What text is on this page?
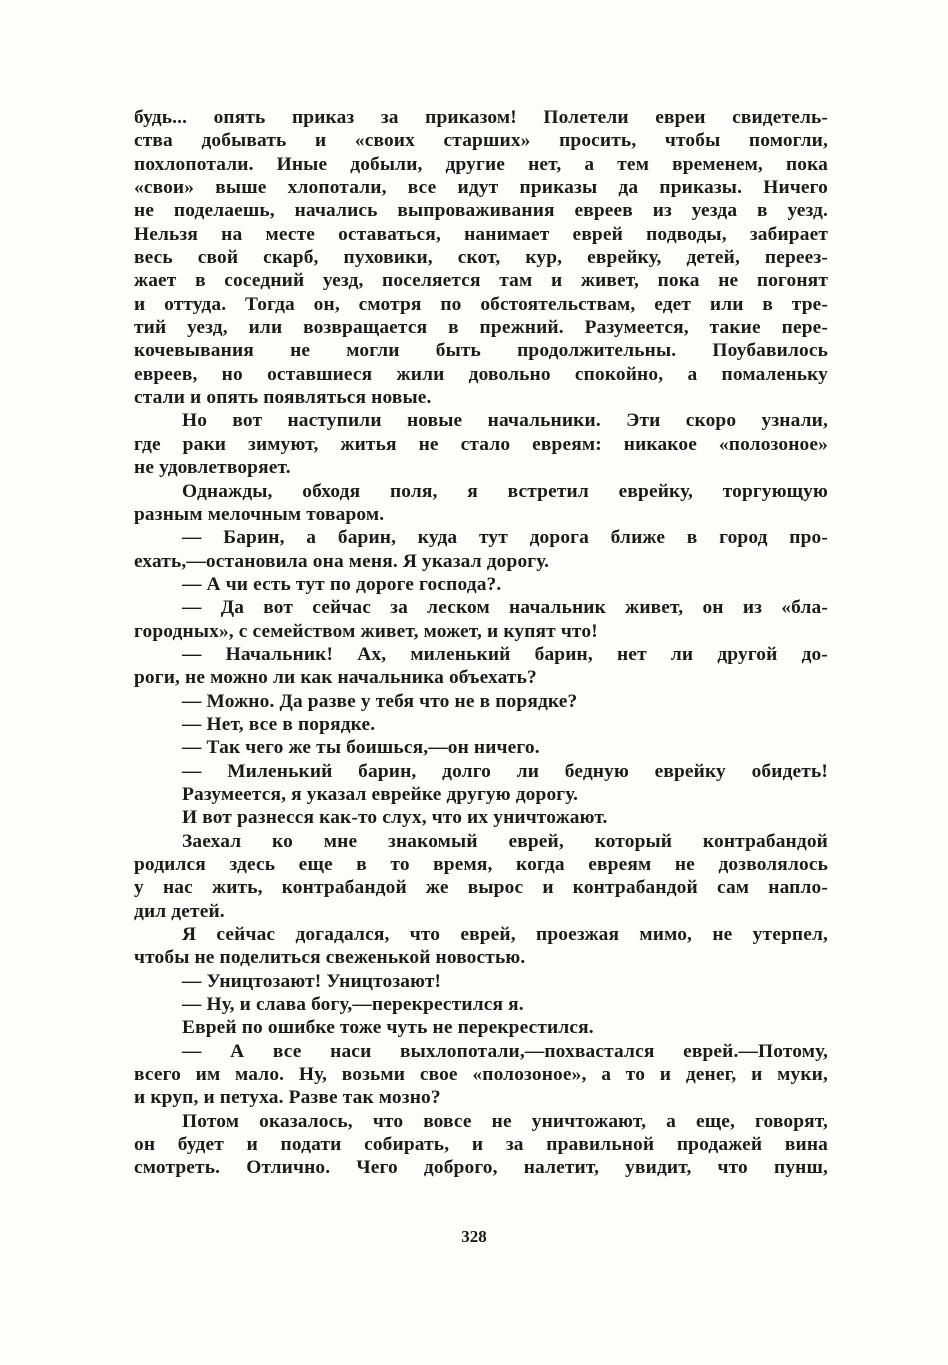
будь... опять приказ за приказом! Полетели евреи свидетель-
ства добывать и «своих старших» просить, чтобы помогли,
похлопотали. Иные добыли, другие нет, а тем временем, пока
«свои» выше хлопотали, все идут приказы да приказы. Ничего
не поделаешь, начались выпроваживания евреев из уезда в уезд.
Нельзя на месте оставаться, нанимает еврей подводы, забирает
весь свой скарб, пуховики, скот, кур, еврейку, детей, переез-
жает в соседний уезд, поселяется там и живет, пока не погонят
и оттуда. Тогда он, смотря по обстоятельствам, едет или в тре-
тий уезд, или возвращается в прежний. Разумеется, такие пере-
кочевывания не могли быть продолжительны. Поубавилось
евреев, но оставшиеся жили довольно спокойно, а помаленьку
стали и опять появляться новые.
Но вот наступили новые начальники. Эти скоро узнали,
где раки зимуют, житья не стало евреям: никакое «полозоное»
не удовлетворяет.
Однажды, обходя поля, я встретил еврейку, торгующую
разным мелочным товаром.
— Барин, а барин, куда тут дорога ближе в город про-
ехать,—остановила она меня. Я указал дорогу.
— А чи есть тут по дороге господа?.
— Да вот сейчас за леском начальник живет, он из «бла-
городных», с семейством живет, может, и купят что!
— Начальник! Ах, миленький барин, нет ли другой до-
роги, не можно ли как начальника объехать?
— Можно. Да разве у тебя что не в порядке?
— Нет, все в порядке.
— Так чего же ты боишься,—он ничего.
— Миленький барин, долго ли бедную еврейку обидеть!
Разумеется, я указал еврейке другую дорогу.
И вот разнесся как-то слух, что их уничтожают.
Заехал ко мне знакомый еврей, который контрабандой
родился здесь еще в то время, когда евреям не дозволялось
у нас жить, контрабандой же вырос и контрабандой сам напло-
дил детей.
Я сейчас догадался, что еврей, проезжая мимо, не утерпел,
чтобы не поделиться свеженькой новостью.
— Уництозают! Уництозают!
— Ну, и слава богу,—перекрестился я.
Еврей по ошибке тоже чуть не перекрестился.
— А все наси выхлопотали,—похвастался еврей.—Потому,
всего им мало. Ну, возьми свое «полозоное», а то и денег, и муки,
и круп, и петуха. Разве так мозно?
Потом оказалось, что вовсе не уничтожают, а еще, говорят,
он будет и подати собирать, и за правильной продажей вина
смотреть. Отлично. Чего доброго, налетит, увидит, что пунш,
328
